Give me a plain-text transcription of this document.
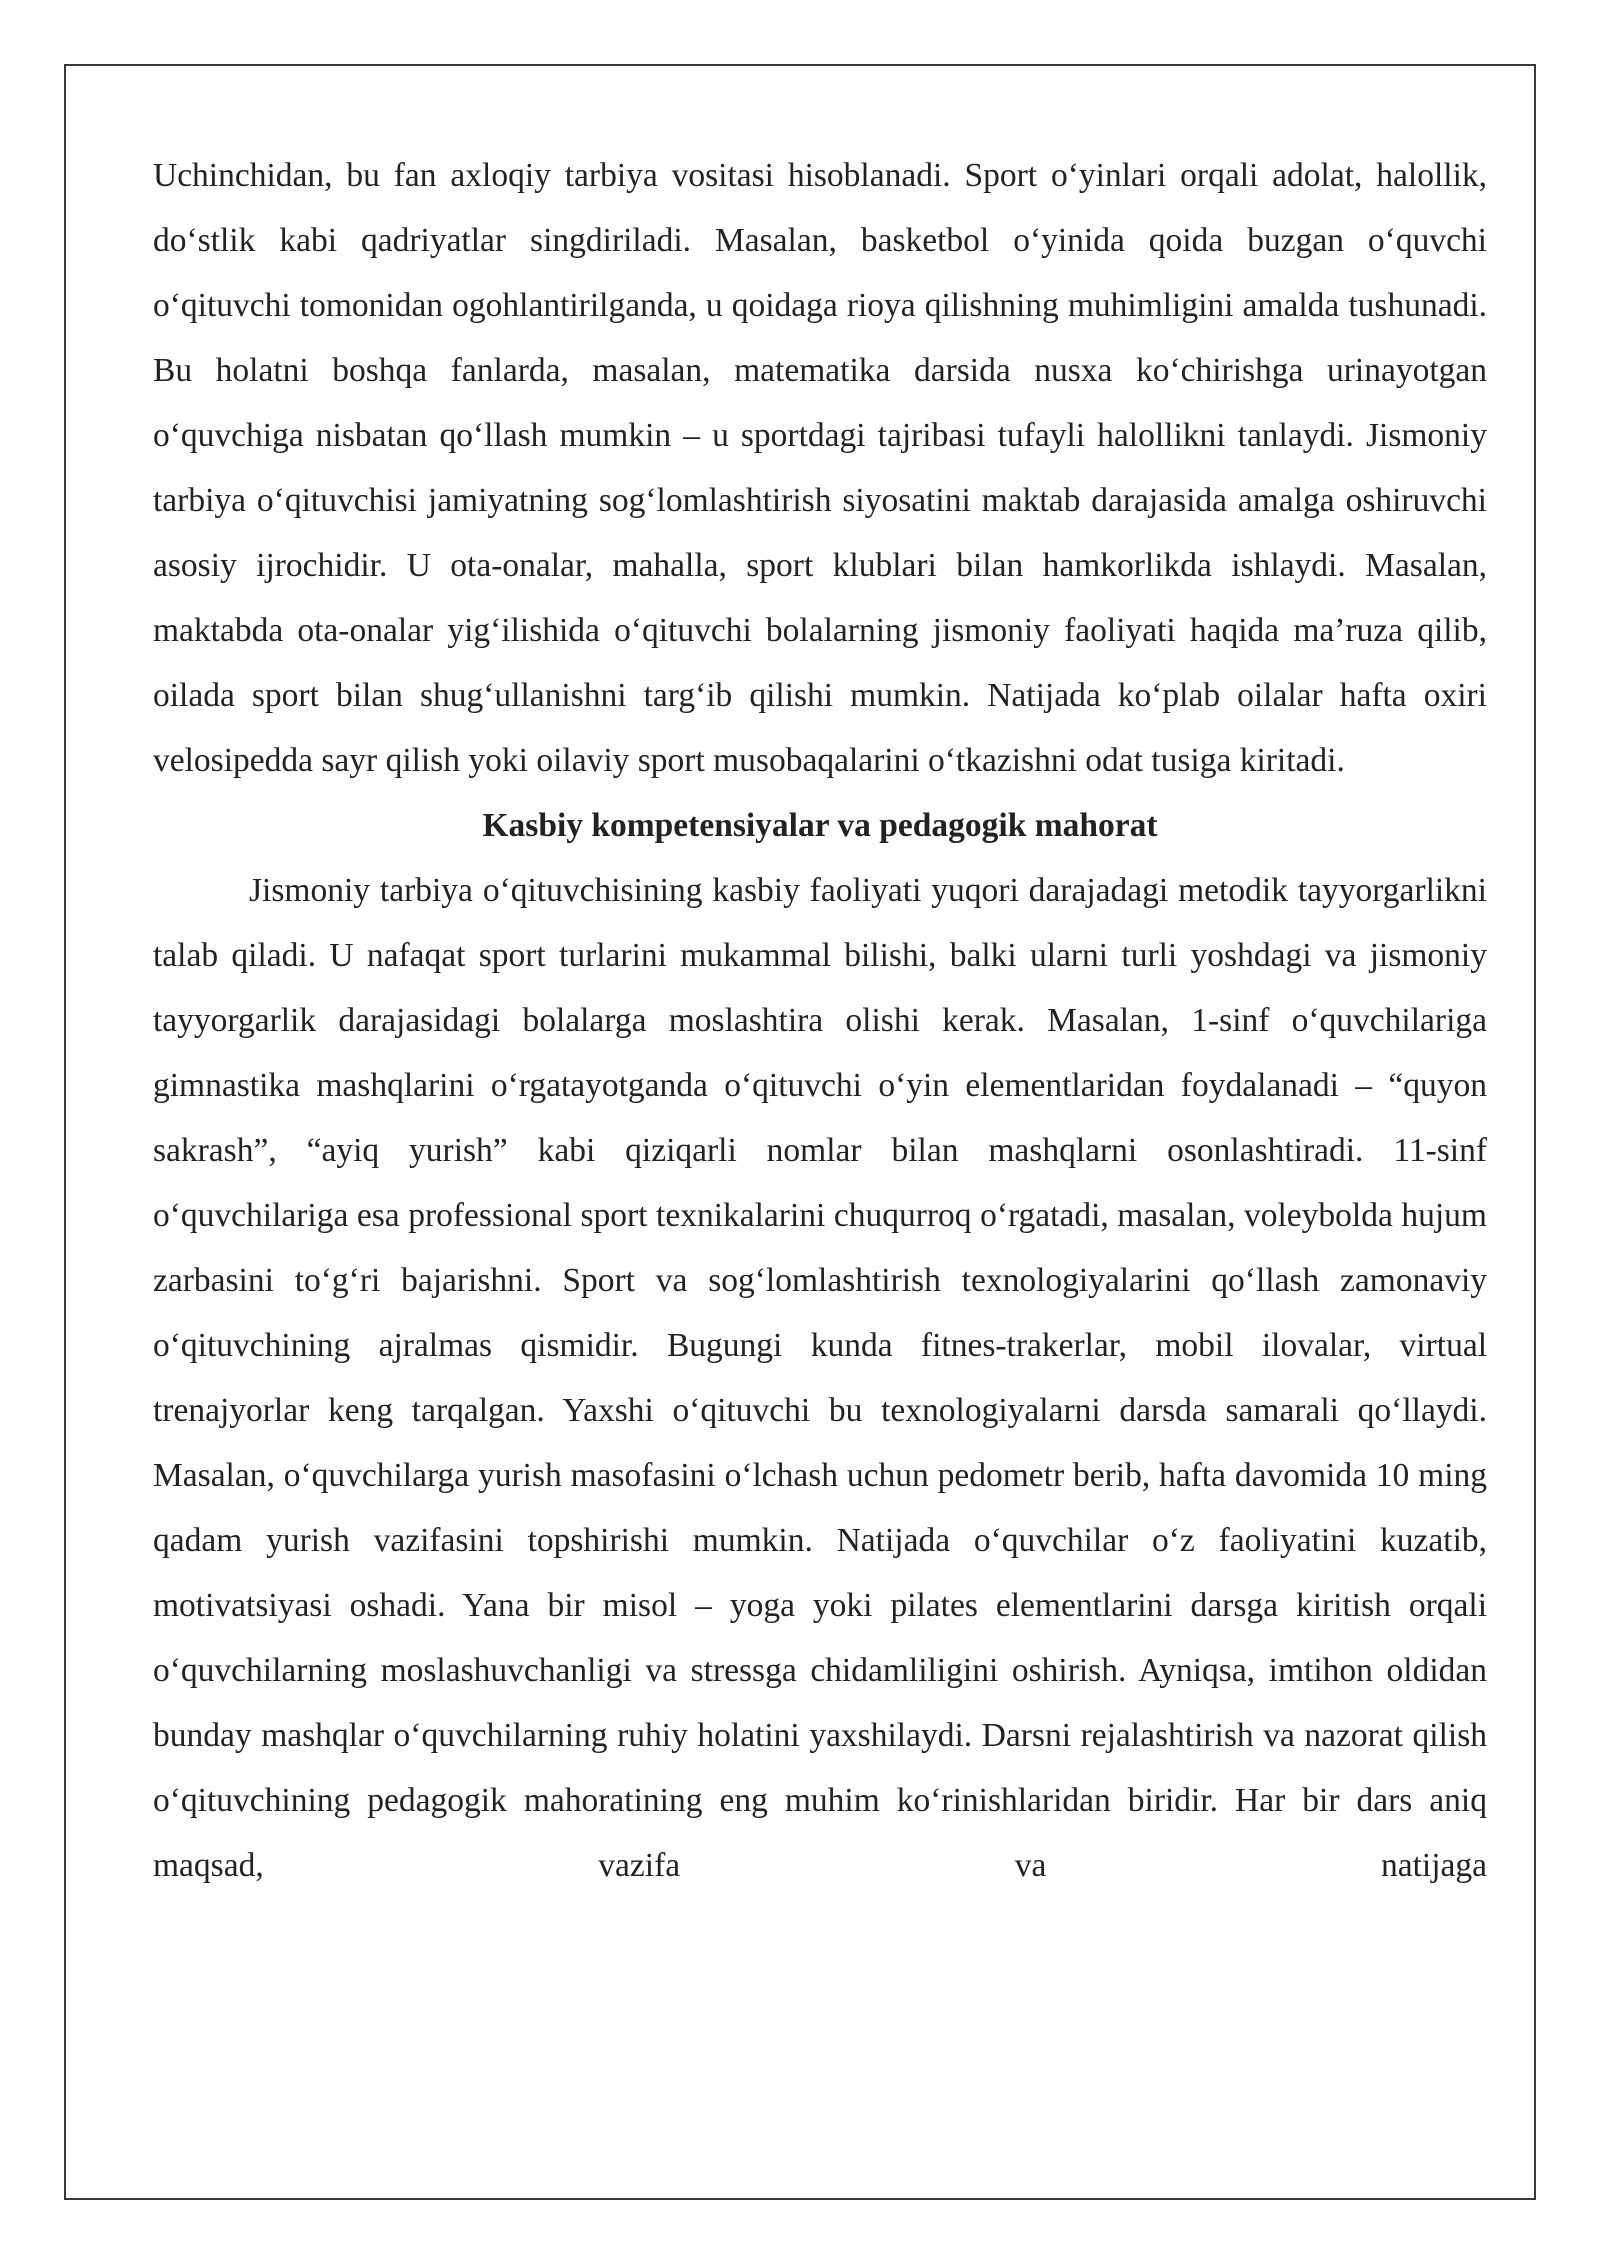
Uchinchidan, bu fan axloqiy tarbiya vositasi hisoblanadi. Sport o‘yinlari orqali adolat, halollik, do‘stlik kabi qadriyatlar singdiriladi. Masalan, basketbol o‘yinida qoida buzgan o‘quvchi o‘qituvchi tomonidan ogohlantirilganda, u qoidaga rioya qilishning muhimligini amalda tushunadi. Bu holatni boshqa fanlarda, masalan, matematika darsida nusxa ko‘chirishga urinayotgan o‘quvchiga nisbatan qo‘llash mumkin – u sportdagi tajribasi tufayli halollikni tanlaydi. Jismoniy tarbiya o‘qituvchisi jamiyatning sog‘lomlashtirish siyosatini maktab darajasida amalga oshiruvchi asosiy ijrochidir. U ota-onalar, mahalla, sport klublari bilan hamkorlikda ishlaydi. Masalan, maktabda ota-onalar yig‘ilishida o‘qituvchi bolalarning jismoniy faoliyati haqida ma’ruza qilib, oilada sport bilan shug‘ullanishni targ‘ib qilishi mumkin. Natijada ko‘plab oilalar hafta oxiri velosipedda sayr qilish yoki oilaviy sport musobaqalarini o‘tkazishni odat tusiga kiritadi.

Kasbiy kompetensiyalar va pedagogik mahorat

Jismoniy tarbiya o‘qituvchisining kasbiy faoliyati yuqori darajadagi metodik tayyorgarlikni talab qiladi. U nafaqat sport turlarini mukammal bilishi, balki ularni turli yoshdagi va jismoniy tayyorgarlik darajasidagi bolalarga moslashtira olishi kerak. Masalan, 1-sinf o‘quvchilariga gimnastika mashqlarini o‘rgatayotganda o‘qituvchi o‘yin elementlaridan foydalanadi – “quyon sakrash”, “ayiq yurish” kabi qiziqarli nomlar bilan mashqlarni osonlashtiradi. 11-sinf o‘quvchilariga esa professional sport texnikalarini chuqurroq o‘rgatadi, masalan, voleybolda hujum zarbasini to‘g‘ri bajarishni. Sport va sog‘lomlashtirish texnologiyalarini qo‘llash zamonaviy o‘qituvchining ajralmas qismidir. Bugungi kunda fitnes-trakerlar, mobil ilovalar, virtual trenajyorlar keng tarqalgan. Yaxshi o‘qituvchi bu texnologiyalarni darsda samarali qo‘llaydi. Masalan, o‘quvchilarga yurish masofasini o‘lchash uchun pedometr berib, hafta davomida 10 ming qadam yurish vazifasini topshirishi mumkin. Natijada o‘quvchilar o‘z faoliyatini kuzatib, motivatsiyasi oshadi. Yana bir misol – yoga yoki pilates elementlarini darsga kiritish orqali o‘quvchilarning moslashuvchanligi va stressga chidamliligini oshirish. Ayniqsa, imtihon oldidan bunday mashqlar o‘quvchilarning ruhiy holatini yaxshilaydi. Darsni rejalashtirish va nazorat qilish o‘qituvchining pedagogik mahoratining eng muhim ko‘rinishlaridan biridir. Har bir dars aniq maqsad, vazifa va natijaga
